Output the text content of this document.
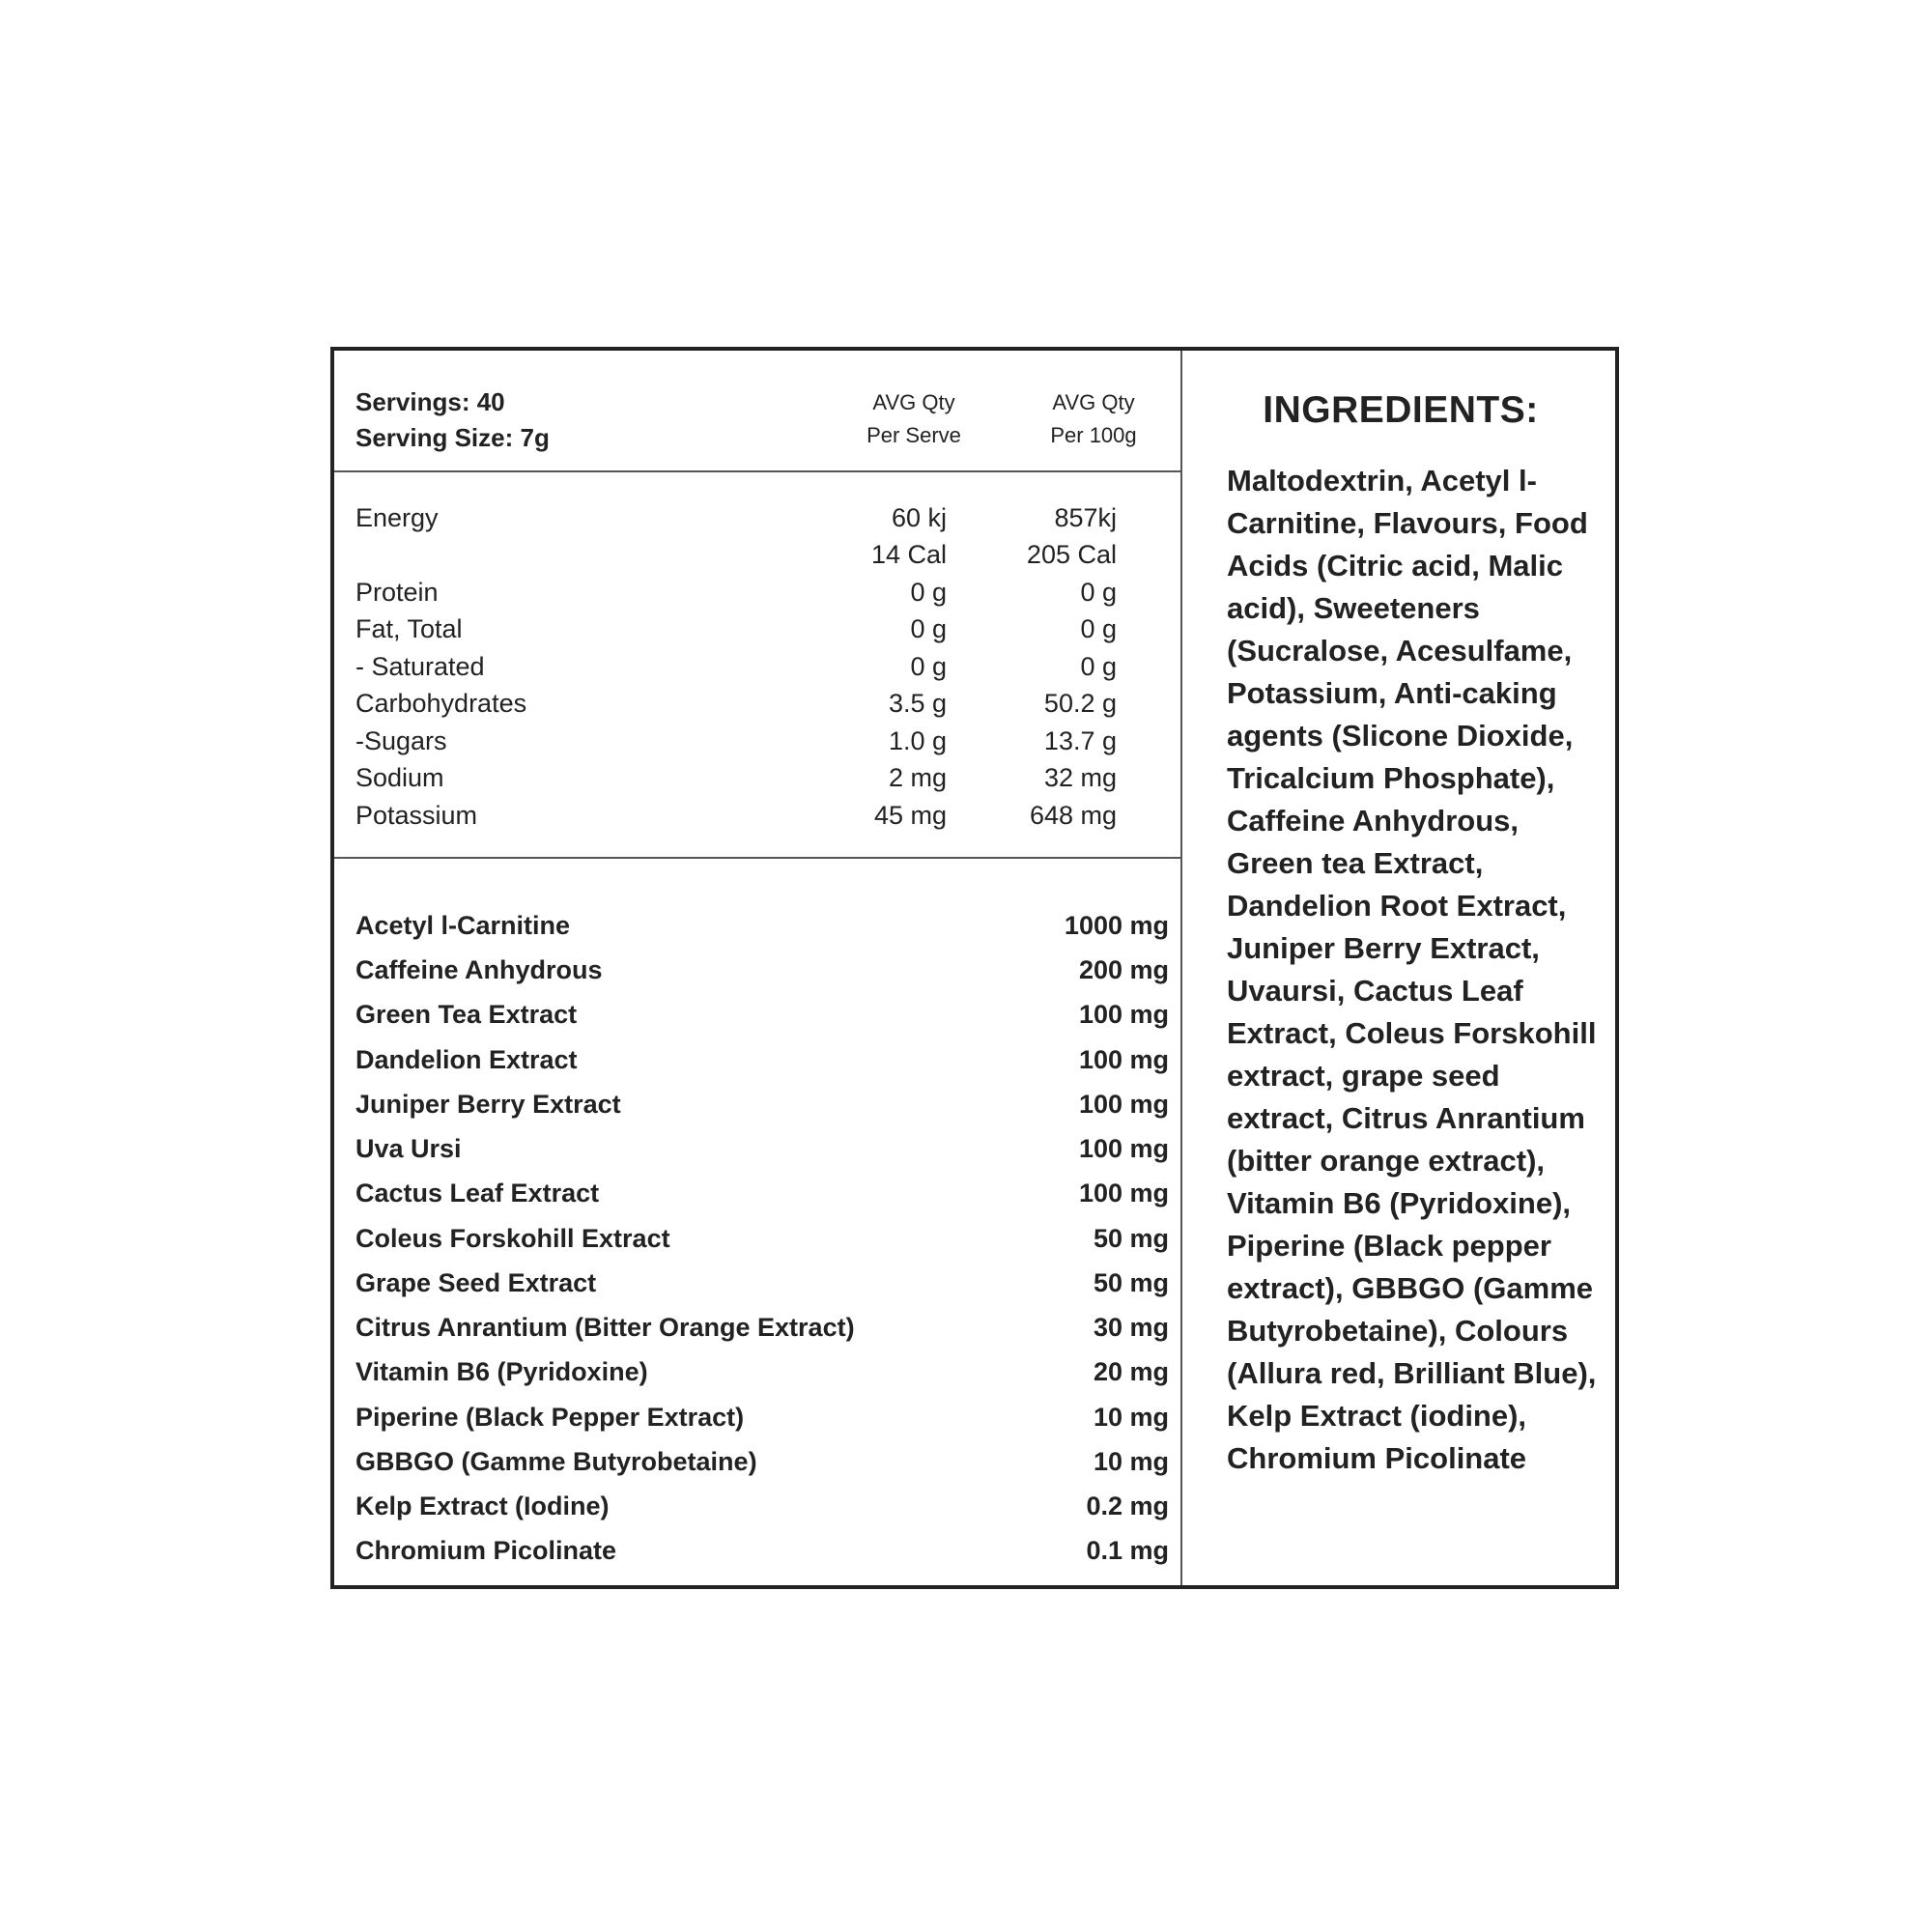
Servings: 40
Serving Size: 7g
AVG Qty
Per Serve
AVG Qty
Per 100g
Energy	60 kj	857kj
14 Cal	205 Cal
Protein	0 g	0 g
Fat, Total	0 g	0 g
- Saturated	0 g	0 g
Carbohydrates	3.5 g	50.2 g
-Sugars	1.0 g	13.7 g
Sodium	2 mg	32 mg
Potassium	45 mg	648 mg
Acetyl l-Carnitine	1000 mg
Caffeine Anhydrous	200 mg
Green Tea Extract	100 mg
Dandelion Extract	100 mg
Juniper Berry Extract	100 mg
Uva Ursi	100 mg
Cactus Leaf Extract	100 mg
Coleus Forskohill Extract	50 mg
Grape Seed Extract	50 mg
Citrus Anrantium (Bitter Orange Extract)	30 mg
Vitamin B6 (Pyridoxine)	20 mg
Piperine (Black Pepper Extract)	10 mg
GBBGO (Gamme Butyrobetaine)	10 mg
Kelp Extract (Iodine)	0.2 mg
Chromium Picolinate	0.1 mg
INGREDIENTS:
Maltodextrin, Acetyl l-
Carnitine, Flavours, Food
Acids (Citric acid, Malic
acid), Sweeteners
(Sucralose, Acesulfame,
Potassium, Anti-caking
agents (Slicone Dioxide,
Tricalcium Phosphate),
Caffeine Anhydrous,
Green tea Extract,
Dandelion Root Extract,
Juniper Berry Extract,
Uvaursi, Cactus Leaf
Extract, Coleus Forskohill
extract, grape seed
extract, Citrus Anrantium
(bitter orange extract),
Vitamin B6 (Pyridoxine),
Piperine (Black pepper
extract), GBBGO (Gamme
Butyrobetaine), Colours
(Allura red, Brilliant Blue),
Kelp Extract (iodine),
Chromium Picolinate
